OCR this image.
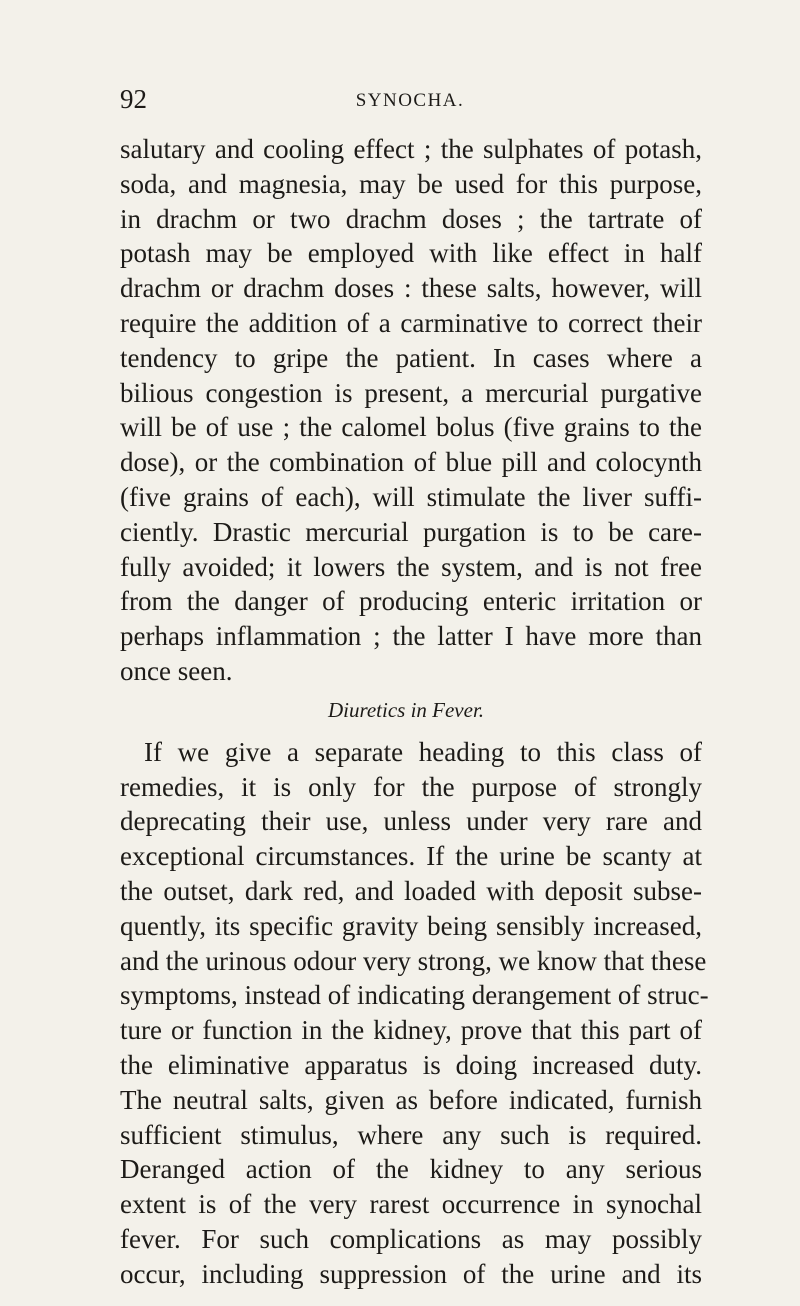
92	SYNOCHA.
salutary and cooling effect ; the sulphates of potash,
soda, and magnesia, may be used for this purpose,
in drachm or two drachm doses ; the tartrate of
potash may be employed with like effect in half
drachm or drachm doses : these salts, however, will
require the addition of a carminative to correct their
tendency to gripe the patient. In cases where a
bilious congestion is present, a mercurial purgative
will be of use ; the calomel bolus (five grains to the
dose), or the combination of blue pill and colocynth
(five grains of each), will stimulate the liver suffi-
ciently. Drastic mercurial purgation is to be care-
fully avoided; it lowers the system, and is not free
from the danger of producing enteric irritation or
perhaps inflammation ; the latter I have more than
once seen.
Diuretics in Fever.
If we give a separate heading to this class of
remedies, it is only for the purpose of strongly
deprecating their use, unless under very rare and
exceptional circumstances. If the urine be scanty at
the outset, dark red, and loaded with deposit subse-
quently, its specific gravity being sensibly increased,
and the urinous odour very strong, we know that these
symptoms, instead of indicating derangement of struc-
ture or function in the kidney, prove that this part of
the eliminative apparatus is doing increased duty.
The neutral salts, given as before indicated, furnish
sufficient stimulus, where any such is required.
Deranged action of the kidney to any serious
extent is of the very rarest occurrence in synochal
fever. For such complications as may possibly
occur, including suppression of the urine and its
